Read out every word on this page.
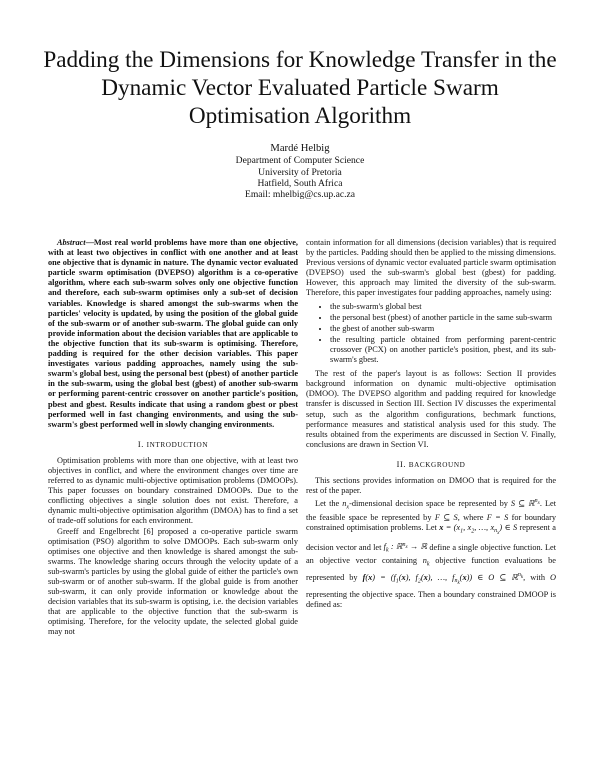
Padding the Dimensions for Knowledge Transfer in the Dynamic Vector Evaluated Particle Swarm Optimisation Algorithm
Mardé Helbig
Department of Computer Science
University of Pretoria
Hatfield, South Africa
Email: mhelbig@cs.up.ac.za

Abstract—Most real world problems have more than one objective, with at least two objectives in conflict with one another and at least one objective that is dynamic in nature. The dynamic vector evaluated particle swarm optimisation (DVEPSO) algorithm is a co-operative algorithm, where each sub-swarm solves only one objective function and therefore, each sub-swarm optimises only a sub-set of decision variables. Knowledge is shared amongst the sub-swarms when the particles' velocity is updated, by using the position of the global guide of the sub-swarm or of another sub-swarm. The global guide can only provide information about the decision variables that are applicable to the objective function that its sub-swarm is optimising. Therefore, padding is required for the other decision variables. This paper investigates various padding approaches, namely using the sub-swarm's global best, using the personal best (pbest) of another particle in the sub-swarm, using the global best (gbest) of another sub-swarm or performing parent-centric crossover on another particle's position, pbest and gbest. Results indicate that using a random gbest or pbest performed well in fast changing environments, and using the sub-swarm's gbest performed well in slowly changing environments.

I. INTRODUCTION

Optimisation problems with more than one objective, with at least two objectives in conflict, and where the environment changes over time are referred to as dynamic multi-objective optimisation problems (DMOOPs). This paper focusses on boundary constrained DMOOPs. Due to the conflicting objectives a single solution does not exist. Therefore, a dynamic multi-objective optimisation algorithm (DMOA) has to find a set of trade-off solutions for each environment.

Greeff and Engelbrecht [6] proposed a co-operative particle swarm optimisation (PSO) algorithm to solve DMOOPs. Each sub-swarm only optimises one objective and then knowledge is shared amongst the sub-swarms. The knowledge sharing occurs through the velocity update of a sub-swarm's particles by using the global guide of either the particle's own sub-swarm or of another sub-swarm. If the global guide is from another sub-swarm, it can only provide information or knowledge about the decision variables that its sub-swarm is optising, i.e. the decision variables that are applicable to the objective function that the sub-swarm is optimising. Therefore, for the velocity update, the selected global guide may not

contain information for all dimensions (decision variables) that is required by the particles. Padding should then be applied to the missing dimensions. Previous versions of dynamic vector evaluated particle swarm optimisation (DVEPSO) used the sub-swarm's global best (gbest) for padding. However, this approach may limited the diversity of the sub-swarm. Therefore, this paper investigates four padding approaches, namely using:

• the sub-swarm's global best
• the personal best (pbest) of another particle in the same sub-swarm
• the gbest of another sub-swarm
• the resulting particle obtained from performing parent-centric crossover (PCX) on another particle's position, pbest, and its sub-swarm's gbest.

The rest of the paper's layout is as follows: Section II provides background information on dynamic multi-objective optimisation (DMOO). The DVEPSO algorithm and padding required for knowledge transfer is discussed in Section III. Section IV discusses the experimental setup, such as the algorithm configurations, bechmark functions, performance measures and statistical analysis used for this study. The results obtained from the experiments are discussed in Section V. Finally, conclusions are drawn in Section VI.

II. BACKGROUND

This sections provides information on DMOO that is required for the rest of the paper.

Let the $n_x$-dimensional decision space be represented by S ⊆ ℝ$^{n_x}$. Let the feasible space be represented by F ⊆ S, where F = S for boundary constrained optimisation problems. Let $x = (x_1$, $x_2$, …, $x_{n_x}$) ∈ S represent a decision vector and let $f_k$ : ℝ$^{n_x}$ → ℝ define a single objective function. Let an objective vector containing $n_k$ objective function evaluations be represented by $f(x) = (f_1(x)$, $f_2(x)$, …, $f_{n_k}(x)$) ∈ O ⊆ ℝ$^{n_k}$, with O representing the objective space. Then a boundary constrained DMOOP is defined as:
